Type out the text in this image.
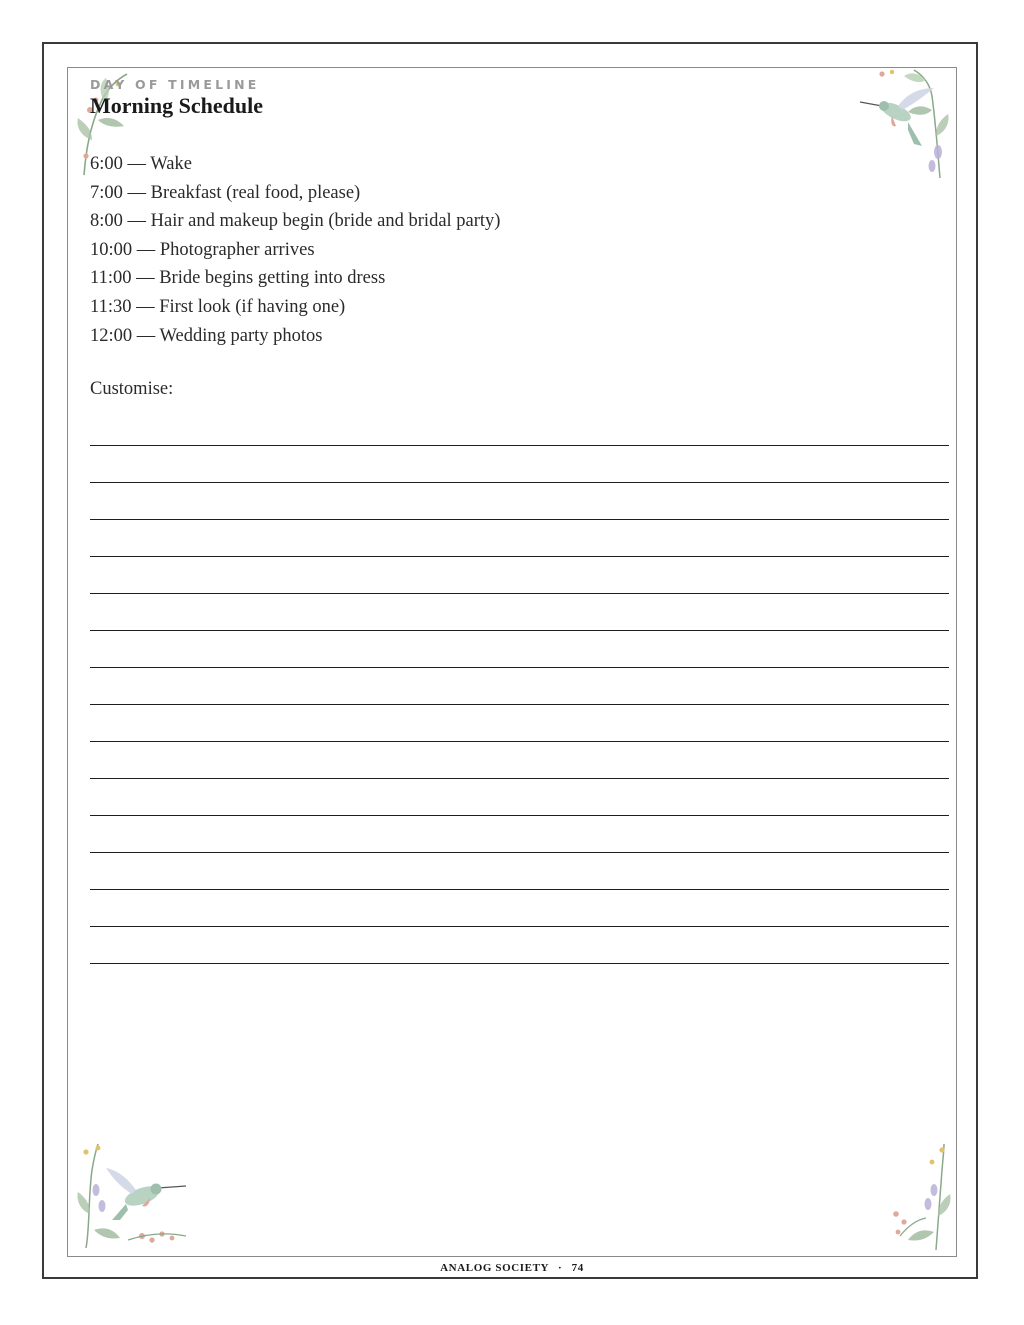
DAY OF TIMELINE
Morning Schedule
6:00 — Wake
7:00 — Breakfast (real food, please)
8:00 — Hair and makeup begin (bride and bridal party)
10:00 — Photographer arrives
11:00 — Bride begins getting into dress
11:30 — First look (if having one)
12:00 — Wedding party photos
Customise:
ANALOG SOCIETY · 74
